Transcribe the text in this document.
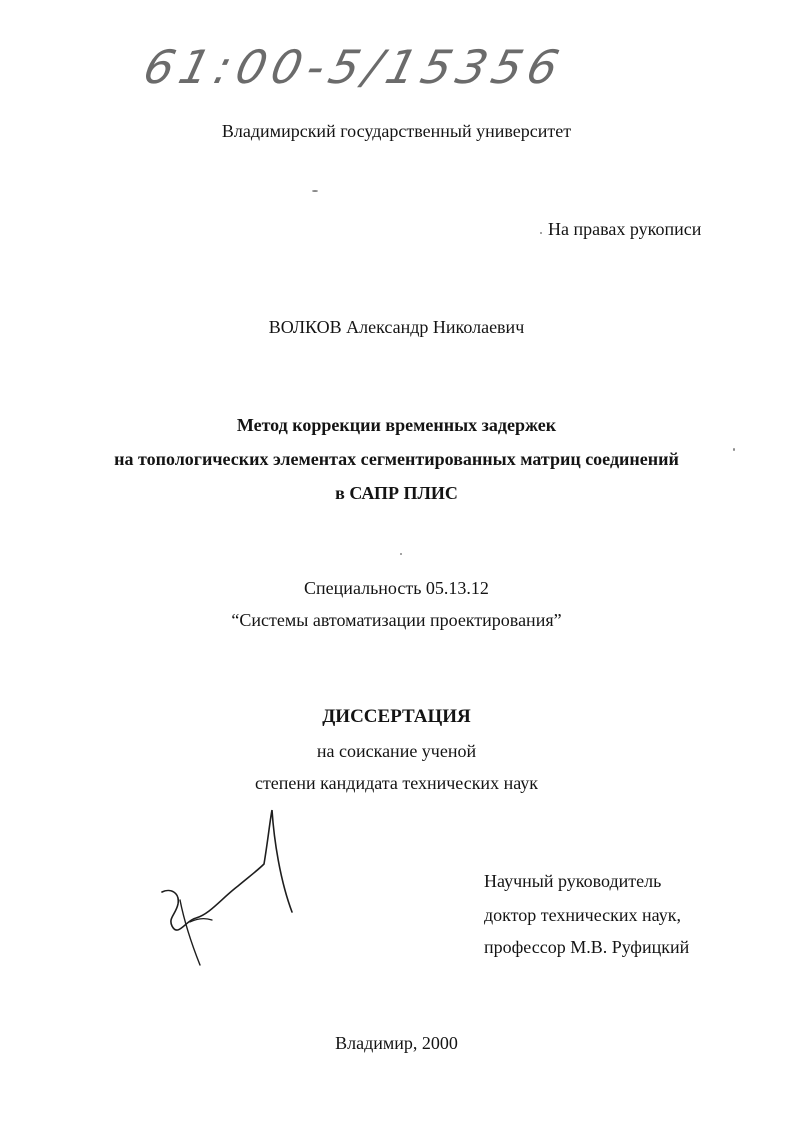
61:00-5/15356
Владимирский государственный университет
На правах рукописи
ВОЛКОВ Александр Николаевич
Метод коррекции временных задержек
на топологических элементах сегментированных матриц соединений
в САПР ПЛИС
Специальность 05.13.12
“Системы автоматизации проектирования”
ДИССЕРТАЦИЯ
на соискание ученой
степени кандидата технических наук
Научный руководитель
доктор технических наук,
профессор М.В. Руфицкий
Владимир, 2000
